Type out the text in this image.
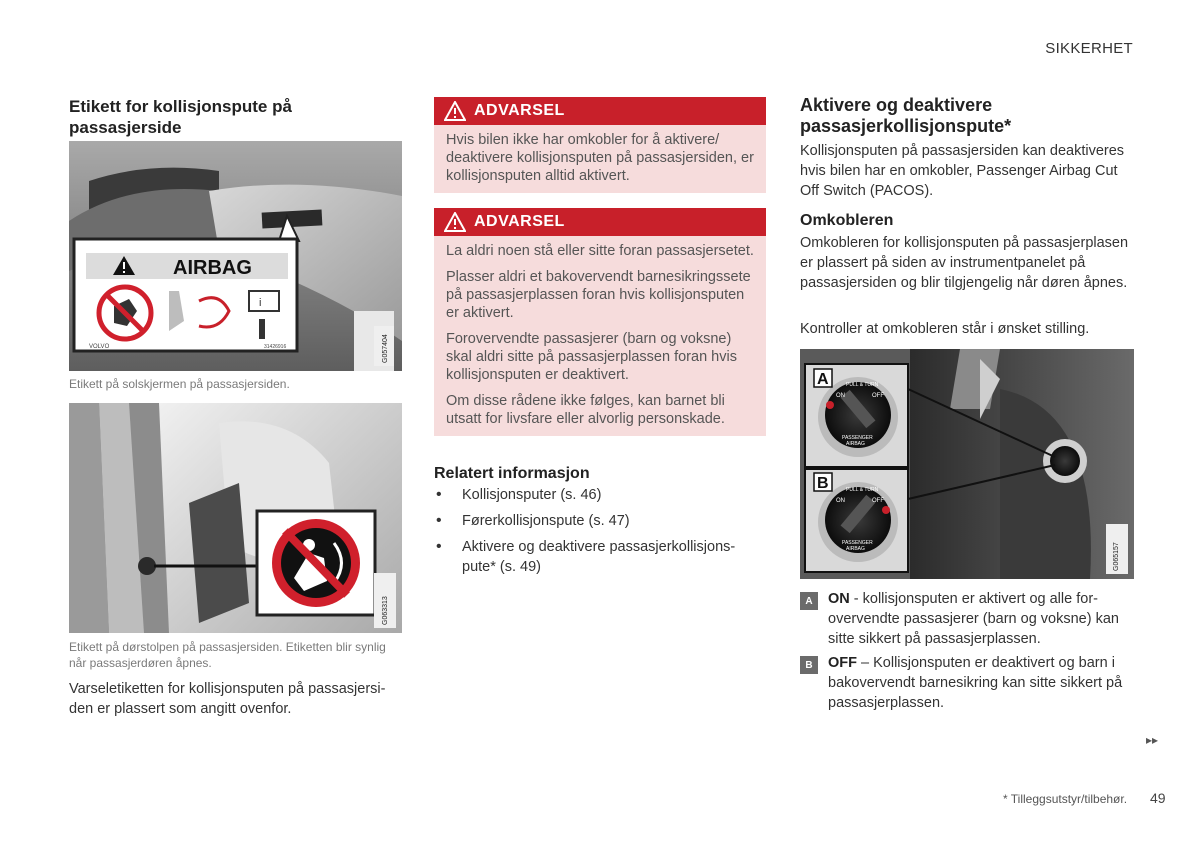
SIKKERHET
Etikett for kollisjonspute på passasjerside
AIRBAG
i
VOLVO	31426916	G057404
Etikett på solskjermen på passasjersiden.
G063313
Etikett på dørstolpen på passasjersiden. Etiketten blir synlig når passasjerdøren åpnes.
Varseletiketten for kollisjonsputen på passasjersiden er plassert som angitt ovenfor.
ADVARSEL

Hvis bilen ikke har omkobler for å aktivere/ deaktivere kollisjonsputen på passasjersiden, er kollisjonsputen alltid aktivert.

ADVARSEL

La aldri noen stå eller sitte foran passasjersetet.

Plasser aldri et bakovervendt barnesikringssete på passasjerplassen foran hvis kollisjonsputen er aktivert.

Forovervendte passasjerer (barn og voksne) skal aldri sitte på passasjerplassen foran hvis kollisjonsputen er deaktivert.

Om disse rådene ikke følges, kan barnet bli utsatt for livsfare eller alvorlig personskade.

Relatert informasjon
• Kollisjonsputer (s. 46)
• Førerkollisjonspute (s. 47)
• Aktivere og deaktivere passasjerkollisjonspute* (s. 49)
Aktivere og deaktivere passasjerkollisjonspute*
Kollisjonsputen på passasjersiden kan deaktiveres hvis bilen har en omkobler, Passenger Airbag Cut Off Switch (PACOS).
Omkobleren
Omkobleren for kollisjonsputen på passasjerplasen er plassert på siden av instrumentpanelet på passasjersiden og blir tilgjengelig når døren åpnes.
Kontroller at omkobleren står i ønsket stilling.
PULL & TURN
ON	OFF
PASSENGER
AIRBAG
PULL & TURN
ON	OFF
PASSENGER
AIRBAG
A
B
G065157
A	ON - kollisjonsputen er aktivert og alle forovervendte passasjerer (barn og voksne) kan sitte sikkert på passasjerplassen.
B	OFF – Kollisjonsputen er deaktivert og barn i bakovervendt barnesikring kan sitte sikkert på passasjerplassen.
▸▸
* Tilleggsutstyr/tilbehør. 49
